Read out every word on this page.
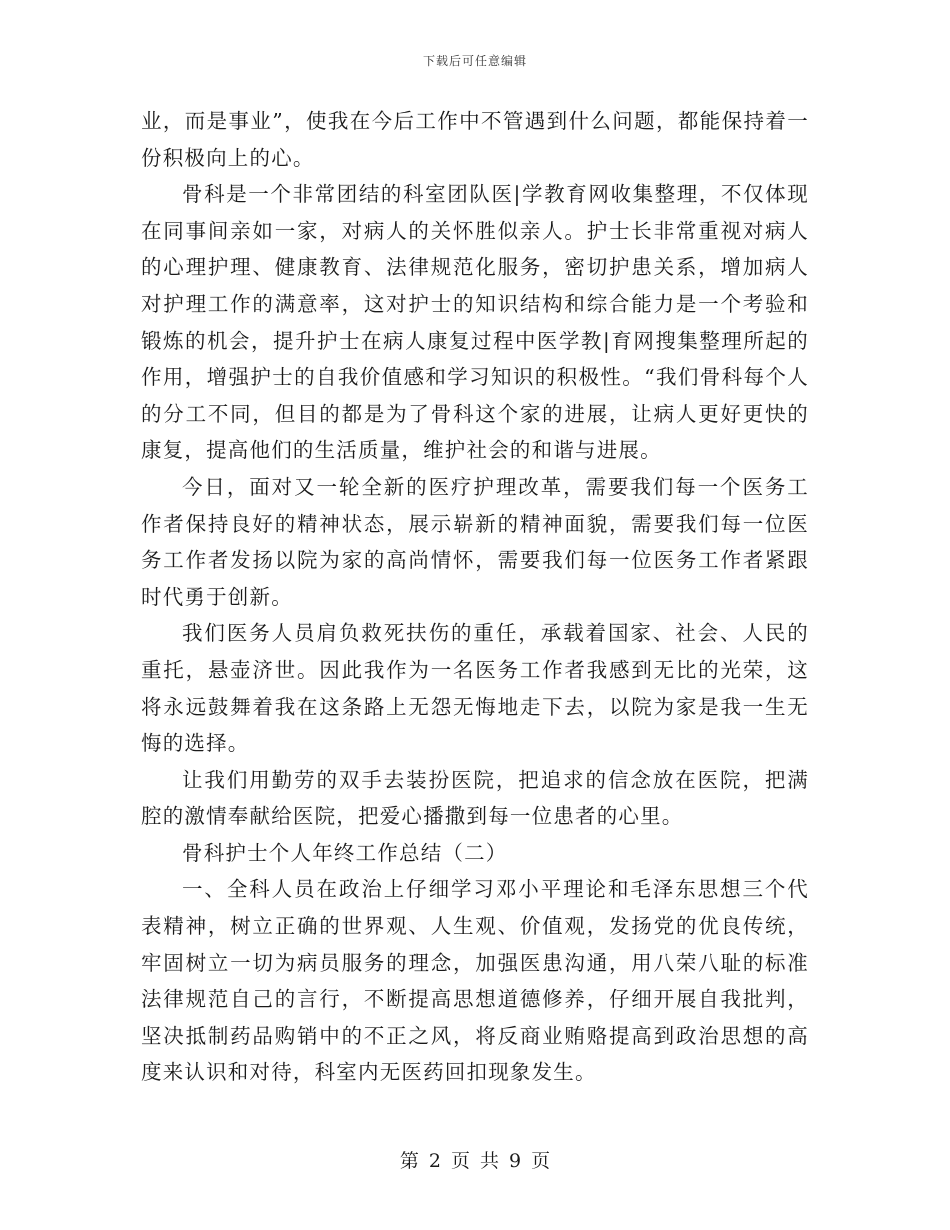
下载后可任意编辑

业，而是事业”，使我在今后工作中不管遇到什么问题，都能保持着一份积极向上的心。

骨科是一个非常团结的科室团队医|学教育网收集整理，不仅体现在同事间亲如一家，对病人的关怀胜似亲人。护士长非常重视对病人的心理护理、健康教育、法律规范化服务，密切护患关系，增加病人对护理工作的满意率，这对护士的知识结构和综合能力是一个考验和锻炼的机会，提升护士在病人康复过程中医学教|育网搜集整理所起的作用，增强护士的自我价值感和学习知识的积极性。“我们骨科每个人的分工不同，但目的都是为了骨科这个家的进展，让病人更好更快的康复，提高他们的生活质量，维护社会的和谐与进展。

今日，面对又一轮全新的医疗护理改革，需要我们每一个医务工作者保持良好的精神状态，展示崭新的精神面貌，需要我们每一位医务工作者发扬以院为家的高尚情怀，需要我们每一位医务工作者紧跟时代勇于创新。

我们医务人员肩负救死扶伤的重任，承载着国家、社会、人民的重托，悬壶济世。因此我作为一名医务工作者我感到无比的光荣，这将永远鼓舞着我在这条路上无怨无悔地走下去，以院为家是我一生无悔的选择。

让我们用勤劳的双手去装扮医院，把追求的信念放在医院，把满腔的激情奉献给医院，把爱心播撒到每一位患者的心里。

骨科护士个人年终工作总结（二）

一、全科人员在政治上仔细学习邓小平理论和毛泽东思想三个代表精神，树立正确的世界观、人生观、价值观，发扬党的优良传统，牢固树立一切为病员服务的理念，加强医患沟通，用八荣八耻的标准法律规范自己的言行，不断提高思想道德修养，仔细开展自我批判，坚决抵制药品购销中的不正之风，将反商业贿赂提高到政治思想的高度来认识和对待，科室内无医药回扣现象发生。

第 2 页 共 9 页
